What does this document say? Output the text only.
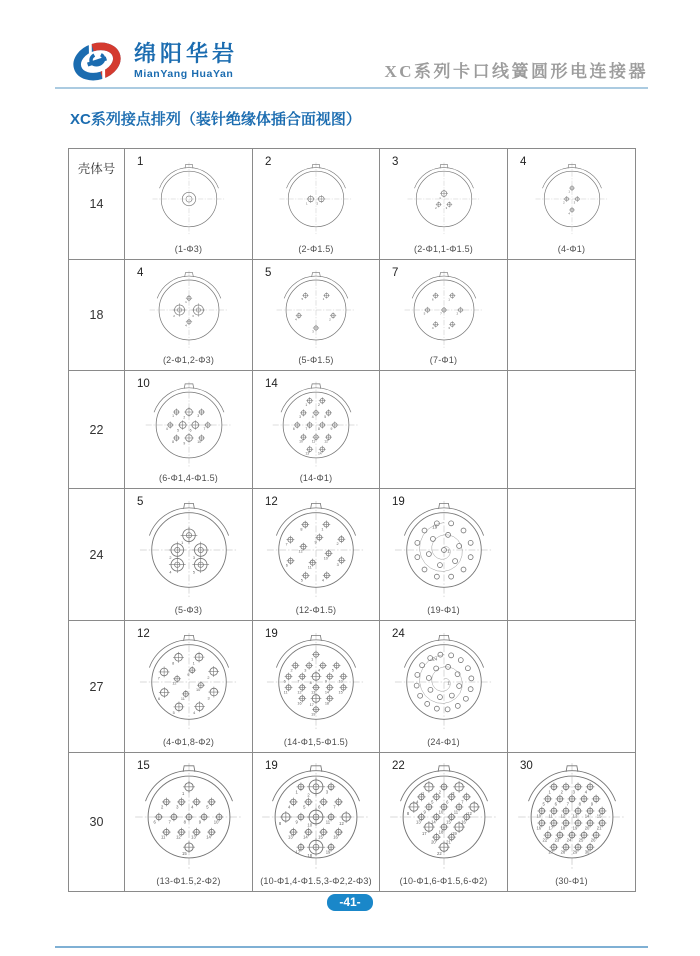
绵阳华岩
MianYang HuaYan	XC系列卡口线簧圆形电连接器
XC系列接点排列（装针绝缘体插合面视图）
壳体号
14

1
(1-Φ3)

2
1 2
(2-Φ1.5)

3
1
2 3
(2-Φ1,1-Φ1.5)

4
1
2 3
4
(4-Φ1)

18

4
1
2	3
4
(2-Φ1,2-Φ3)

5
1
2
3
4
5
(5-Φ1.5)

7
1
2
3
4
5
6
7
(7-Φ1)

22

10
1 2	3
4 5	6	7
8 9	10
(6-Φ1,4-Φ1.5)

14
1	2
3	4	5
6	7	8	9
10 11 12
13 14
(14-Φ1)

24

5
1
2	3
4	5
(5-Φ3)

12
1
2
3
4
5
6
7
8
9
10
11
12
(12-Φ1.5)

19
1
19
(19-Φ1)

27

12
1
2
3
4
5
6
7
8
9
10
11
12
(4-Φ1,8-Φ2)

19
1
2	3	4	5
6	7	8	9	10
11	12 13 14 15
16 17	18
19
(14-Φ1,5-Φ1.5)

24
1
24
(24-Φ1)

30

15
1
2	3	4	5
6	7	8	9	10
11	12	13	14
15
(13-Φ1.5,2-Φ2)

19
1
2
3
4	5	6	7
8	9
10
11 12
13	14	15	16
17
18
19
(10-Φ1,4-Φ1.5,3-Φ2,2-Φ3)

22
1	2	3
4	5	6	7
8	9	10	11 12
13	14	15	16
17	18 19
20	21
22
(10-Φ1,6-Φ1.5,6-Φ2)

30
1 2 3 4
5 6 7 8 9
10 11 12 13 14 15
16 17 18 19 20 21
22 23 24 25 26
27 28 29 30
(30-Φ1)
-41-
